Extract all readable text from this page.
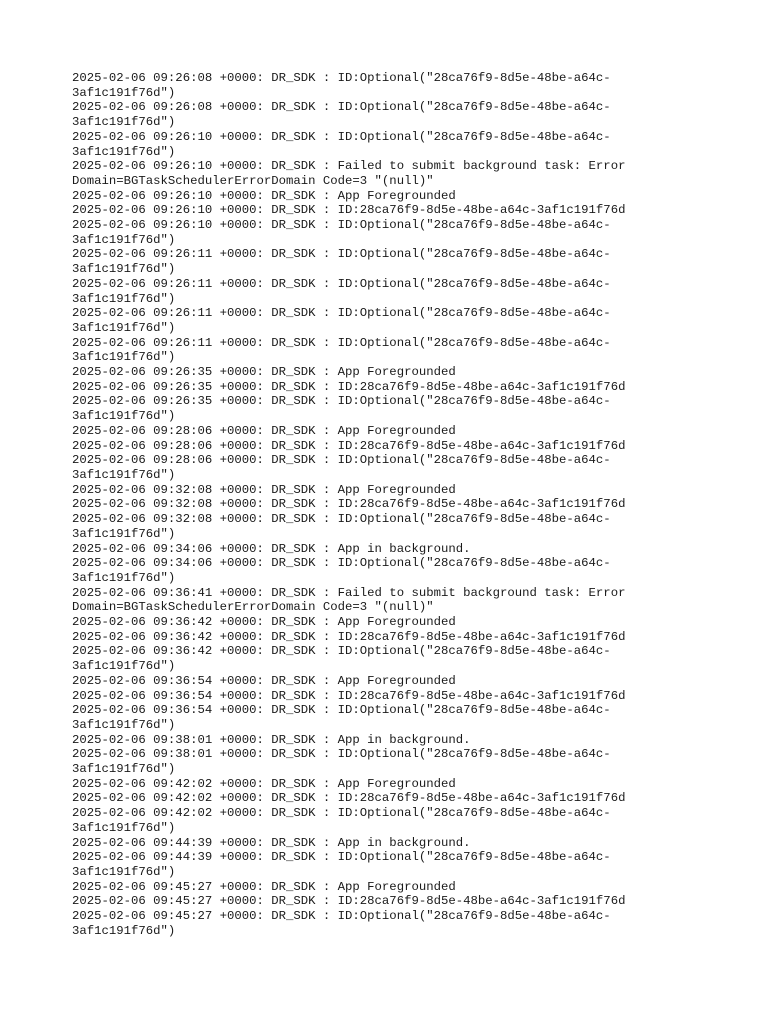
2025-02-06 09:26:08 +0000: DR_SDK : ID:Optional("28ca76f9-8d5e-48be-a64c-
3af1c191f76d")
2025-02-06 09:26:08 +0000: DR_SDK : ID:Optional("28ca76f9-8d5e-48be-a64c-
3af1c191f76d")
2025-02-06 09:26:10 +0000: DR_SDK : ID:Optional("28ca76f9-8d5e-48be-a64c-
3af1c191f76d")
2025-02-06 09:26:10 +0000: DR_SDK : Failed to submit background task: Error
Domain=BGTaskSchedulerErrorDomain Code=3 "(null)"
2025-02-06 09:26:10 +0000: DR_SDK : App Foregrounded
2025-02-06 09:26:10 +0000: DR_SDK : ID:28ca76f9-8d5e-48be-a64c-3af1c191f76d
2025-02-06 09:26:10 +0000: DR_SDK : ID:Optional("28ca76f9-8d5e-48be-a64c-
3af1c191f76d")
2025-02-06 09:26:11 +0000: DR_SDK : ID:Optional("28ca76f9-8d5e-48be-a64c-
3af1c191f76d")
2025-02-06 09:26:11 +0000: DR_SDK : ID:Optional("28ca76f9-8d5e-48be-a64c-
3af1c191f76d")
2025-02-06 09:26:11 +0000: DR_SDK : ID:Optional("28ca76f9-8d5e-48be-a64c-
3af1c191f76d")
2025-02-06 09:26:11 +0000: DR_SDK : ID:Optional("28ca76f9-8d5e-48be-a64c-
3af1c191f76d")
2025-02-06 09:26:35 +0000: DR_SDK : App Foregrounded
2025-02-06 09:26:35 +0000: DR_SDK : ID:28ca76f9-8d5e-48be-a64c-3af1c191f76d
2025-02-06 09:26:35 +0000: DR_SDK : ID:Optional("28ca76f9-8d5e-48be-a64c-
3af1c191f76d")
2025-02-06 09:28:06 +0000: DR_SDK : App Foregrounded
2025-02-06 09:28:06 +0000: DR_SDK : ID:28ca76f9-8d5e-48be-a64c-3af1c191f76d
2025-02-06 09:28:06 +0000: DR_SDK : ID:Optional("28ca76f9-8d5e-48be-a64c-
3af1c191f76d")
2025-02-06 09:32:08 +0000: DR_SDK : App Foregrounded
2025-02-06 09:32:08 +0000: DR_SDK : ID:28ca76f9-8d5e-48be-a64c-3af1c191f76d
2025-02-06 09:32:08 +0000: DR_SDK : ID:Optional("28ca76f9-8d5e-48be-a64c-
3af1c191f76d")
2025-02-06 09:34:06 +0000: DR_SDK : App in background.
2025-02-06 09:34:06 +0000: DR_SDK : ID:Optional("28ca76f9-8d5e-48be-a64c-
3af1c191f76d")
2025-02-06 09:36:41 +0000: DR_SDK : Failed to submit background task: Error
Domain=BGTaskSchedulerErrorDomain Code=3 "(null)"
2025-02-06 09:36:42 +0000: DR_SDK : App Foregrounded
2025-02-06 09:36:42 +0000: DR_SDK : ID:28ca76f9-8d5e-48be-a64c-3af1c191f76d
2025-02-06 09:36:42 +0000: DR_SDK : ID:Optional("28ca76f9-8d5e-48be-a64c-
3af1c191f76d")
2025-02-06 09:36:54 +0000: DR_SDK : App Foregrounded
2025-02-06 09:36:54 +0000: DR_SDK : ID:28ca76f9-8d5e-48be-a64c-3af1c191f76d
2025-02-06 09:36:54 +0000: DR_SDK : ID:Optional("28ca76f9-8d5e-48be-a64c-
3af1c191f76d")
2025-02-06 09:38:01 +0000: DR_SDK : App in background.
2025-02-06 09:38:01 +0000: DR_SDK : ID:Optional("28ca76f9-8d5e-48be-a64c-
3af1c191f76d")
2025-02-06 09:42:02 +0000: DR_SDK : App Foregrounded
2025-02-06 09:42:02 +0000: DR_SDK : ID:28ca76f9-8d5e-48be-a64c-3af1c191f76d
2025-02-06 09:42:02 +0000: DR_SDK : ID:Optional("28ca76f9-8d5e-48be-a64c-
3af1c191f76d")
2025-02-06 09:44:39 +0000: DR_SDK : App in background.
2025-02-06 09:44:39 +0000: DR_SDK : ID:Optional("28ca76f9-8d5e-48be-a64c-
3af1c191f76d")
2025-02-06 09:45:27 +0000: DR_SDK : App Foregrounded
2025-02-06 09:45:27 +0000: DR_SDK : ID:28ca76f9-8d5e-48be-a64c-3af1c191f76d
2025-02-06 09:45:27 +0000: DR_SDK : ID:Optional("28ca76f9-8d5e-48be-a64c-
3af1c191f76d")
